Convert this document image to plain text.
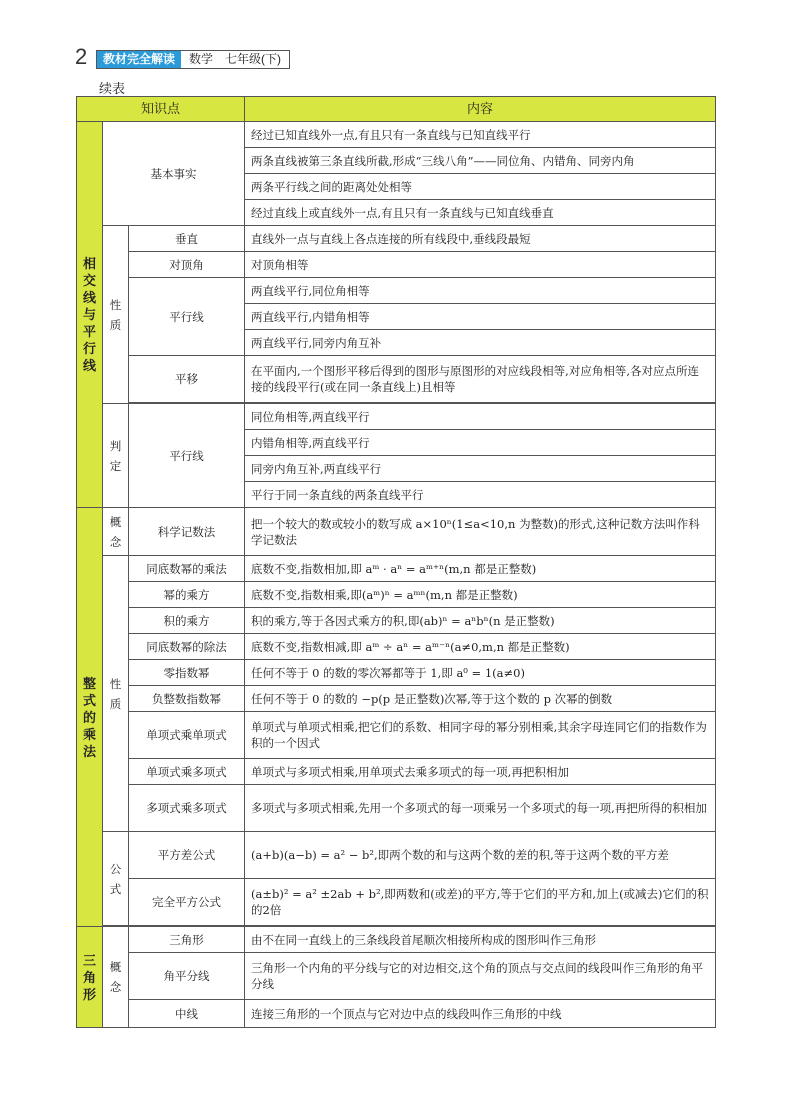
2	教材完全解读	数学　七年级(下)
续表
知识点			内容
相交线与平行线	基本事实		经过已知直线外一点,有且只有一条直线与已知直线平行
			两条直线被第三条直线所截,形成“三线八角”——同位角、内错角、同旁内角
			两条平行线之间的距离处处相等
			经过直线上或直线外一点,有且只有一条直线与已知直线垂直
	性质	垂直	直线外一点与直线上各点连接的所有线段中,垂线段最短
		对顶角	对顶角相等
		平行线	两直线平行,同位角相等
			两直线平行,内错角相等
			两直线平行,同旁内角互补
		平移	在平面内,一个图形平移后得到的图形与原图形的对应线段相等,对应角相等,各对应点所连接的线段平行(或在同一条直线上)且相等

	判定	平行线	同位角相等,两直线平行
			内错角相等,两直线平行
			同旁内角互补,两直线平行
			平行于同一条直线的两条直线平行
整式的乘法	概念	科学记数法	把一个较大的数或较小的数写成 a×10ⁿ(1≤a<10,n 为整数)的形式,这种记数方法叫作科学记数法
	性质	同底数幂的乘法	底数不变,指数相加,即 aᵐ · aⁿ = aᵐ⁺ⁿ(m,n 都是正整数)
		幂的乘方	底数不变,指数相乘,即(aᵐ)ⁿ = aᵐⁿ(m,n 都是正整数)
		积的乘方	积的乘方,等于各因式乘方的积,即(ab)ⁿ = aⁿbⁿ(n 是正整数)
		同底数幂的除法	底数不变,指数相减,即 aᵐ ÷ aⁿ = aᵐ⁻ⁿ(a≠0,m,n 都是正整数)
		零指数幂	任何不等于 0 的数的零次幂都等于 1,即 a⁰ = 1(a≠0)
		负整数指数幂	任何不等于 0 的数的 −p(p 是正整数)次幂,等于这个数的 p 次幂的倒数
		单项式乘单项式	单项式与单项式相乘,把它们的系数、相同字母的幂分别相乘,其余字母连同它们的指数作为积的一个因式
		单项式乘多项式	单项式与多项式相乘,用单项式去乘多项式的每一项,再把积相加
		多项式乘多项式	多项式与多项式相乘,先用一个多项式的每一项乘另一个多项式的每一项,再把所得的积相加
	公式	平方差公式	(a+b)(a−b) = a² − b²,即两个数的和与这两个数的差的积,等于这两个数的平方差
		完全平方公式	(a±b)² = a² ±2ab + b²,即两数和(或差)的平方,等于它们的平方和,加上(或减去)它们的积的2倍

三角形	概念	三角形	由不在同一直线上的三条线段首尾顺次相接所构成的图形叫作三角形
		角平分线	三角形一个内角的平分线与它的对边相交,这个角的顶点与交点间的线段叫作三角形的角平分线
		中线	连接三角形的一个顶点与它对边中点的线段叫作三角形的中线
